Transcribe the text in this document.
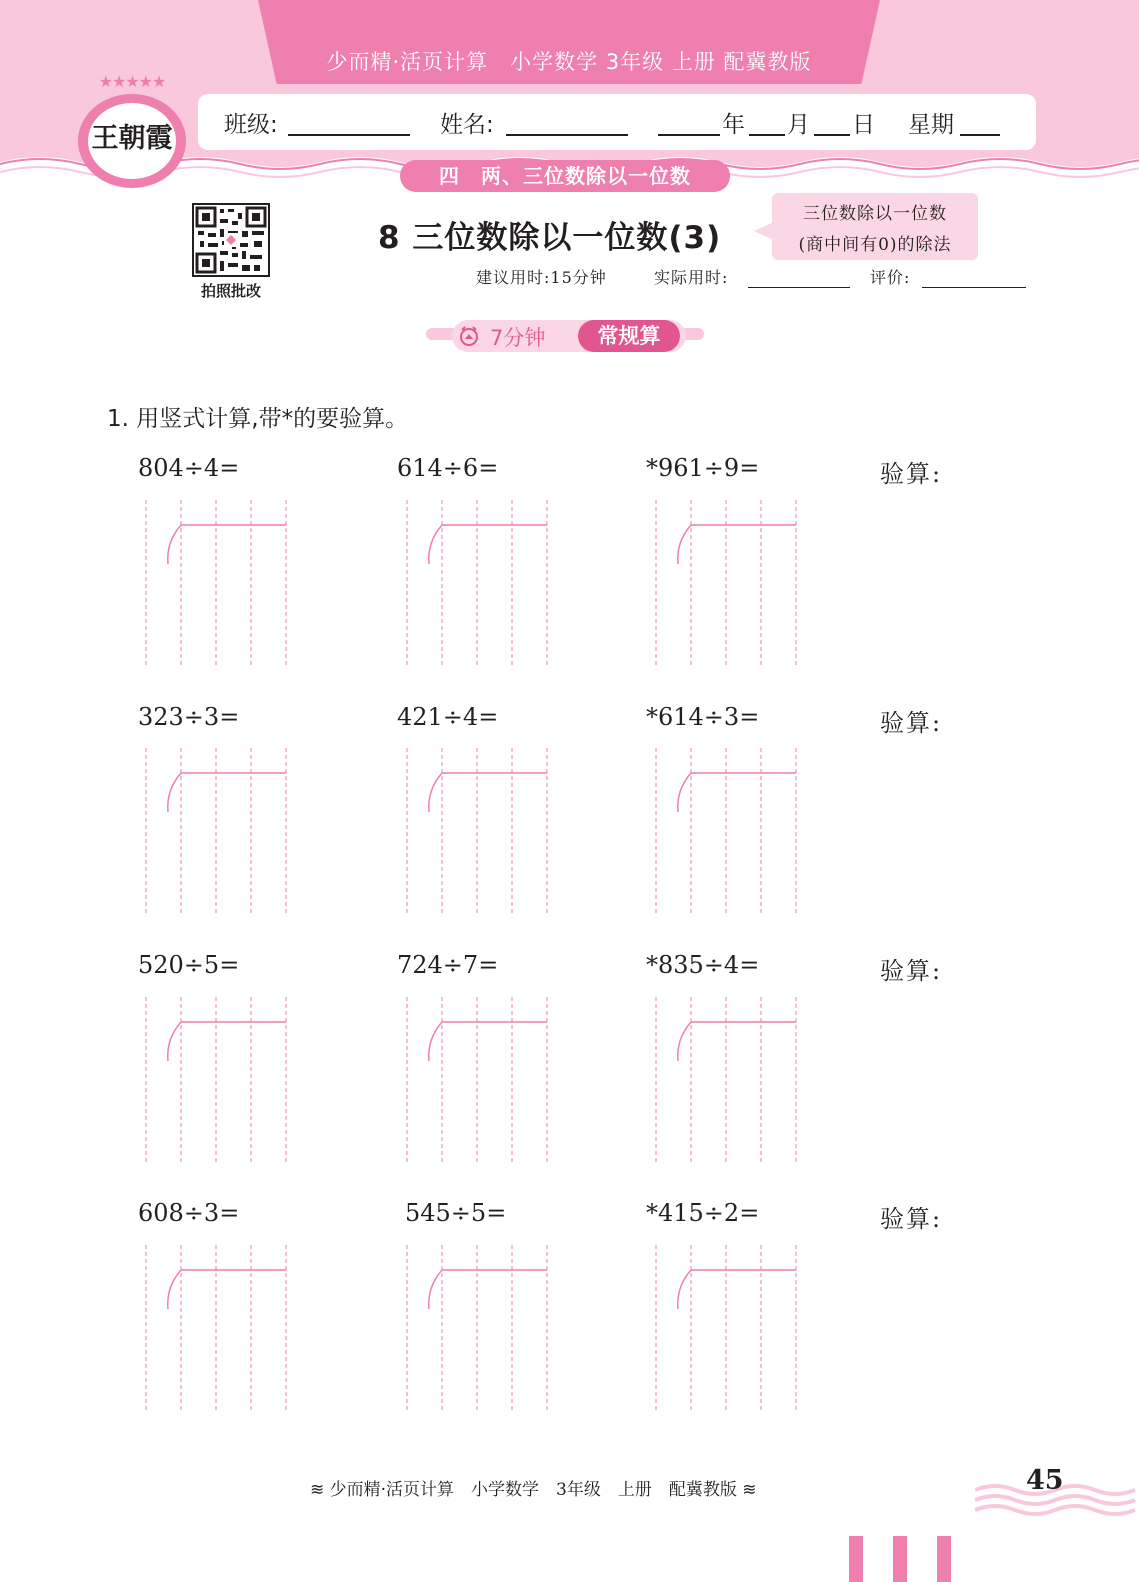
少而精·活页计算　小学数学 3年级 上册 配冀教版
★★★★★
王朝霞	班级:	姓名:	年 月 日 星期
四　两、三位数除以一位数
拍照批改
8 三位数除以一位数(3)
三位数除以一位数
(商中间有0)的除法
建议用时:15分钟	实际用时:	评价:
7分钟	常规算
1. 用竖式计算,带*的要验算。
804÷4=	614÷6=	*961÷9=	验算:
323÷3=	421÷4=	*614÷3=	验算:
520÷5=	724÷7=	*835÷4=	验算:
608÷3=	545÷5=	*415÷2=	验算:
≋ 少而精·活页计算　小学数学　3年级　上册　配冀教版 ≋	45
